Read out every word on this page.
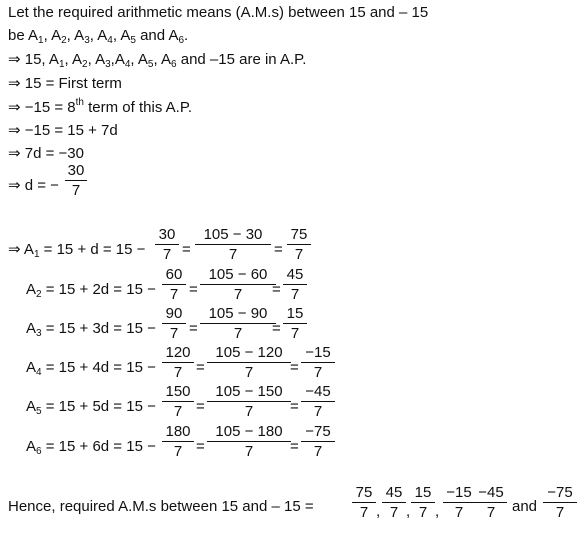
Let the required arithmetic means (A.M.s) between 15 and – 15
be $A_1$, $A_2$, $A_3$, $A_4$, $A_5$ and $A_6$.
⇒ 15, $A_1$, $A_2$, $A_3,A_4$, $A_5$, $A_6$ and –15 are in A.P.
⇒ 15 = First term
⇒ −15 = 8th term of this A.P.
⇒ −15 = 15 + 7d
⇒ 7d = −30
⇒ d = −
30
7
⇒ $A_1 = 15 + d = 15$ −
30
7 =
105 − 30
7	=
75
7
$A_2 = 15 + 2d = 15$ −
60
7 =
105 − 60
7	=
45
7
$A_3 = 15 + 3d = 15$ −
90
7 =
105 − 90
7	=
15
7
$A_4 = 15 + 4d = 15$ −
120
7 =
105 − 120
7	=
−15
7
$A_5 = 15 + 5d = 15$ −
150
7 =
105 − 150
7	=
−45
7
$A_6 = 15 + 6d = 15$ −
180
7 =
105 − 180
7	=
−75
7
Hence, required A.M.s between 15 and – 15 =
75
7 ,
45
7 ,
15
7 ,
−15
7
−45
7	and
−75
7
